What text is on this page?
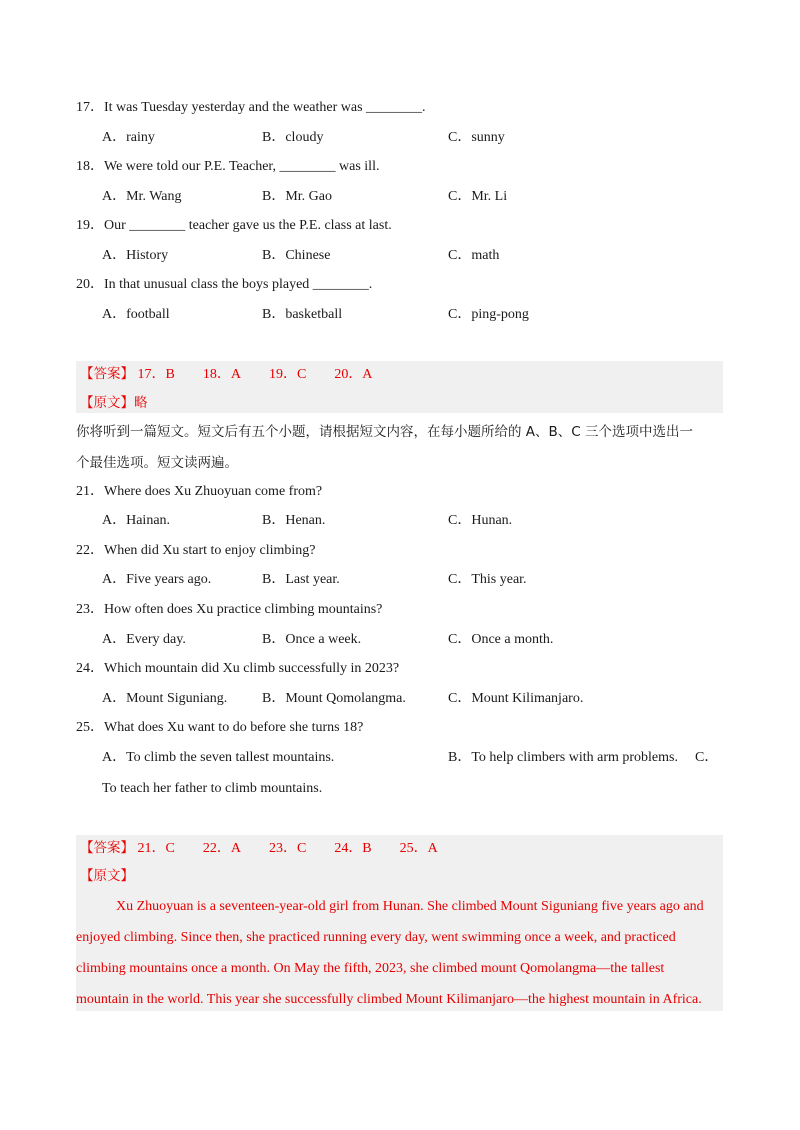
17．It was Tuesday yesterday and the weather was ________.
A．rainy	B．cloudy	C．sunny
18．We were told our P.E. Teacher, ________ was ill.
A．Mr. Wang	B．Mr. Gao	C．Mr. Li
19．Our ________ teacher gave us the P.E. class at last.
A．History	B．Chinese	C．math
20．In that unusual class the boys played ________.
A．football	B．basketball	C．ping-pong
【答案】 17．B 18．A 19．C 20．A
【原文】略
你将听到一篇短文。短文后有五个小题，请根据短文内容，在每小题所给的 A、B、C 三个选项中选出一
个最佳选项。短文读两遍。
21．Where does Xu Zhuoyuan come from?
A．Hainan.	B．Henan.	C．Hunan.
22．When did Xu start to enjoy climbing?
A．Five years ago.	B．Last year.	C．This year.
23．How often does Xu practice climbing mountains?
A．Every day.	B．Once a week.	C．Once a month.
24．Which mountain did Xu climb successfully in 2023?
A．Mount Siguniang. B．Mount Qomolangma.	C．Mount Kilimanjaro.
25．What does Xu want to do before she turns 18?
A．To climb the seven tallest mountains.	B．To help climbers with arm problems. C．
To teach her father to climb mountains.
【答案】 21．C 22．A 23．C 24．B 25．A
【原文】
Xu Zhuoyuan is a seventeen-year-old girl from Hunan. She climbed Mount Siguniang five years ago and
enjoyed climbing. Since then, she practiced running every day, went swimming once a week, and practiced
climbing mountains once a month. On May the fifth, 2023, she climbed mount Qomolangma—the tallest
mountain in the world. This year she successfully climbed Mount Kilimanjaro—the highest mountain in Africa.
